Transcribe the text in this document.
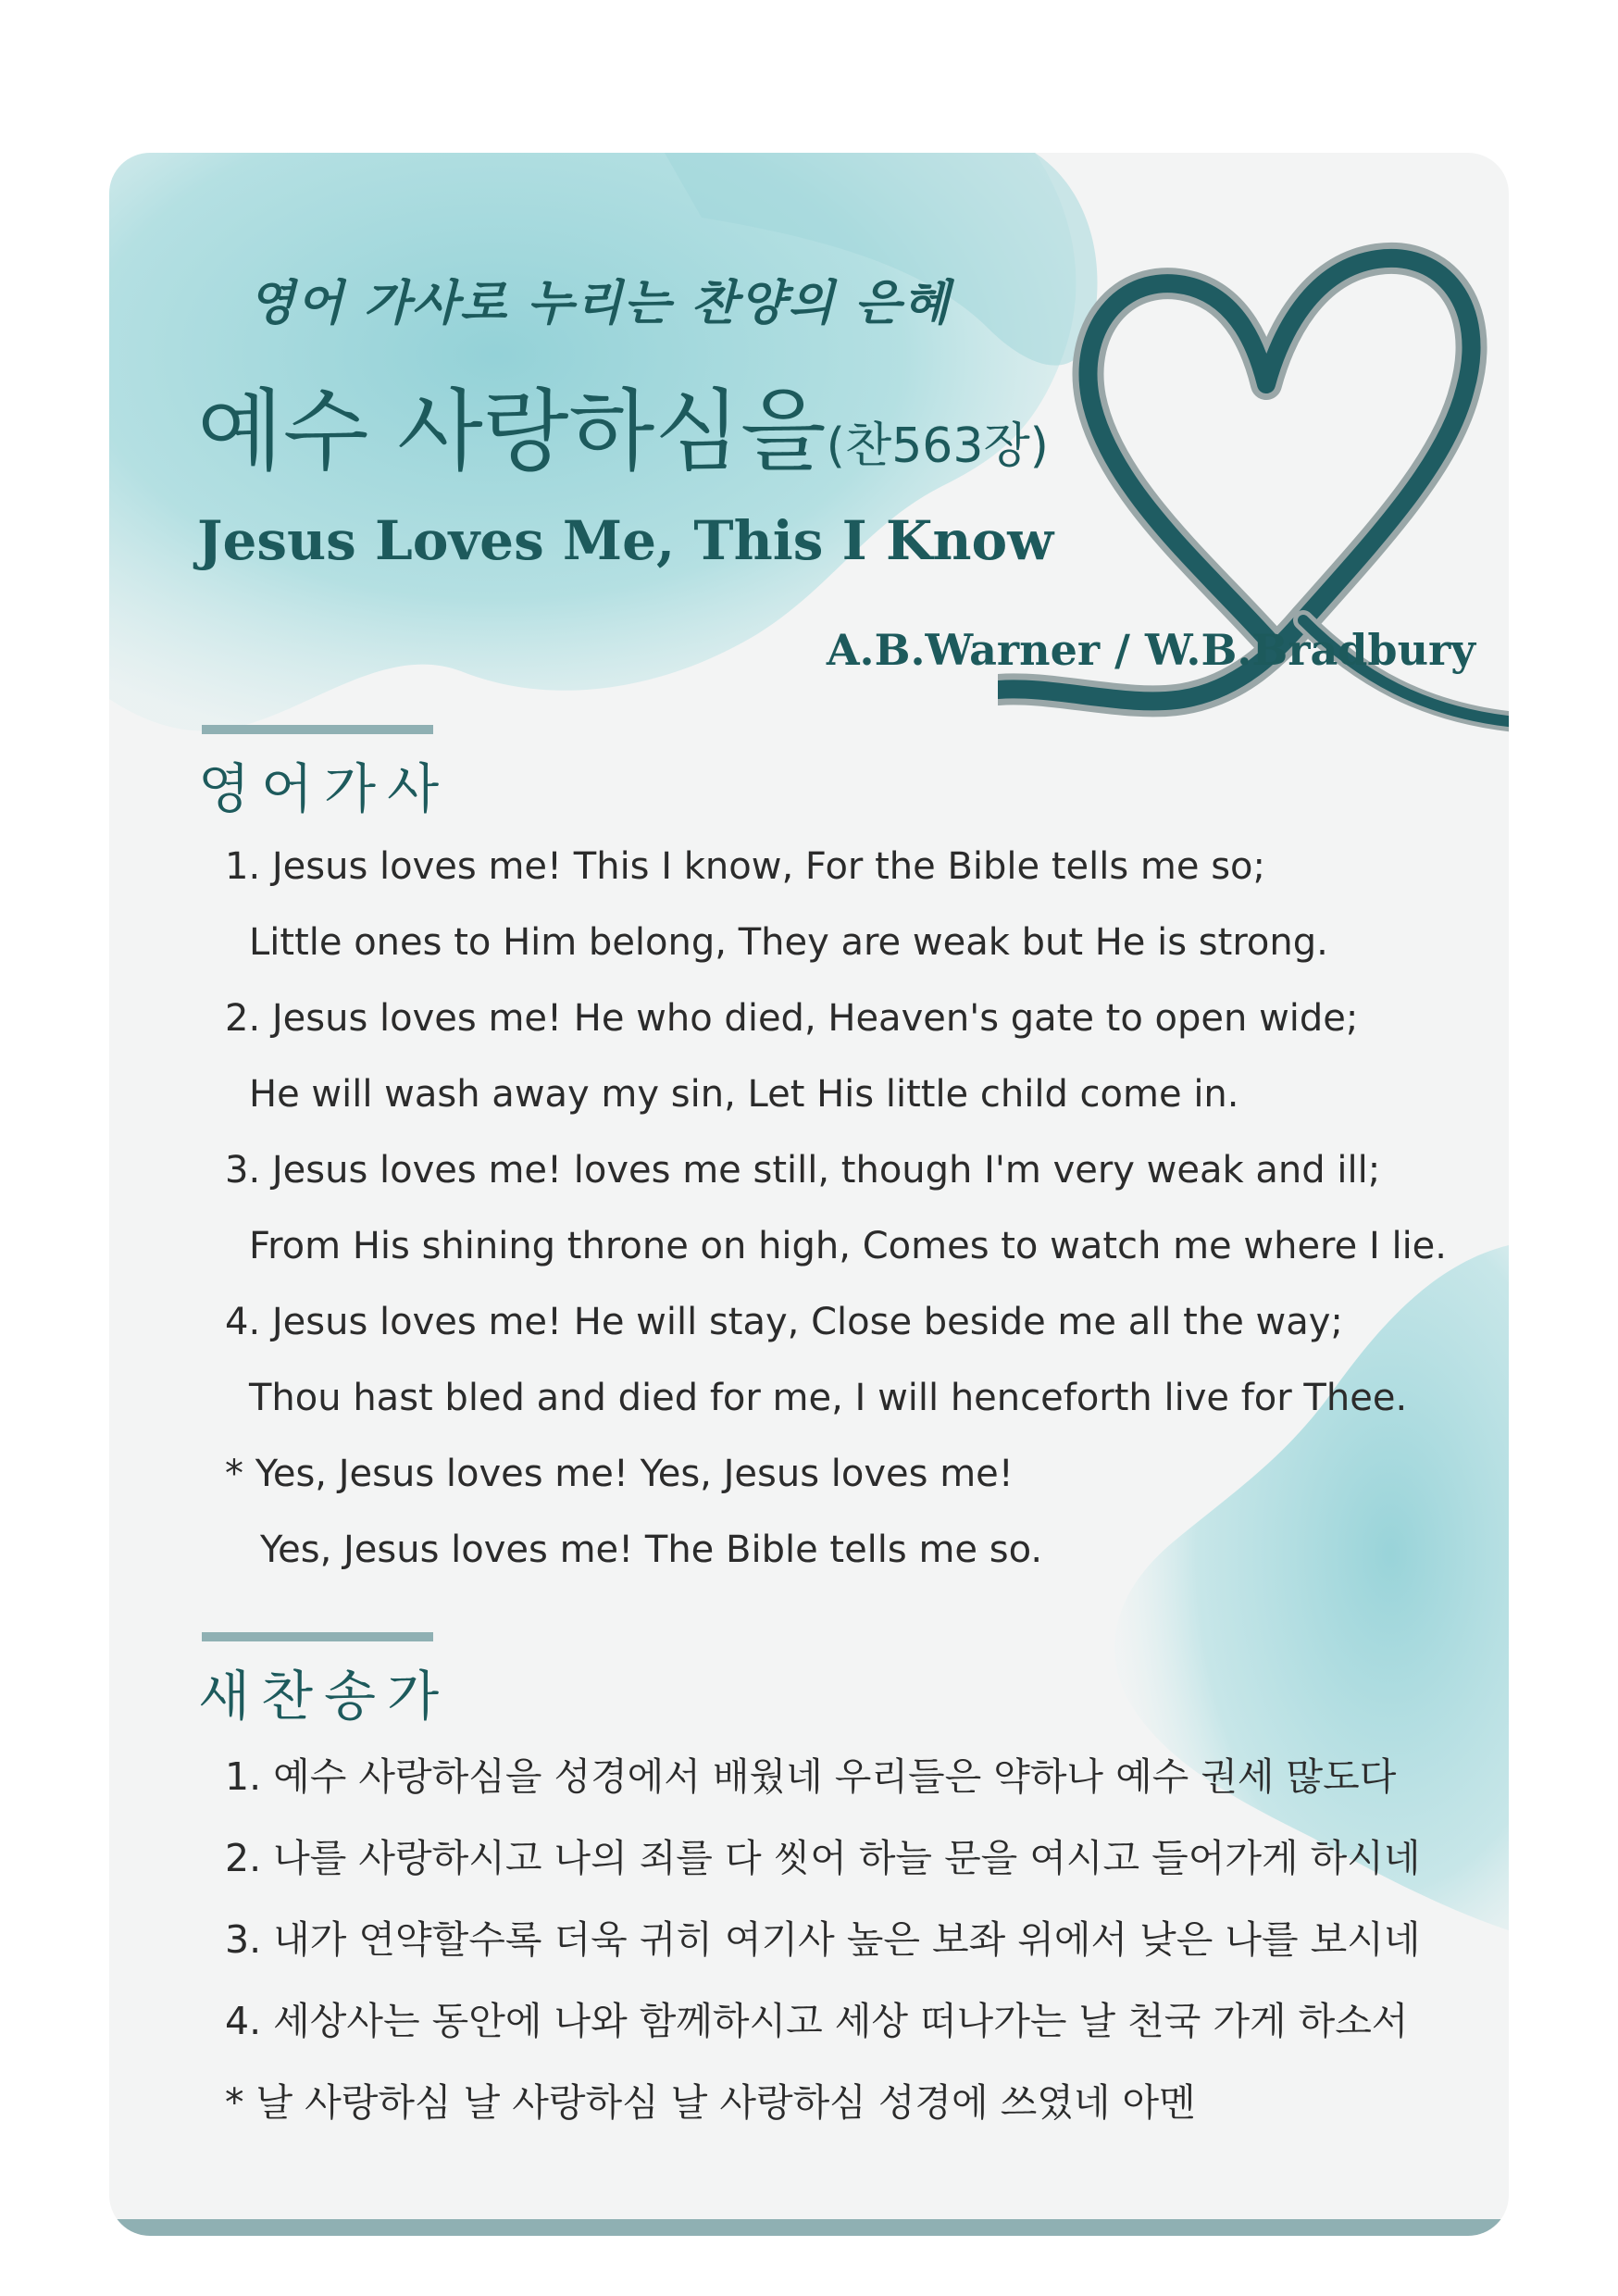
영어 가사로 누리는 찬양의 은혜
예수 사랑하심을(찬563장)
Jesus Loves Me, This I Know
A.B.Warner / W.B.Bradbury
영어가사
1. Jesus loves me! This I know, For the Bible tells me so;
Little ones to Him belong, They are weak but He is strong.
2. Jesus loves me! He who died, Heaven's gate to open wide;
He will wash away my sin, Let His little child come in.
3. Jesus loves me! loves me still, though I'm very weak and ill;
From His shining throne on high, Comes to watch me where I lie.
4. Jesus loves me! He will stay, Close beside me all the way;
Thou hast bled and died for me, I will henceforth live for Thee.
* Yes, Jesus loves me! Yes, Jesus loves me!
Yes, Jesus loves me! The Bible tells me so.
새찬송가
1. 예수 사랑하심을 성경에서 배웠네 우리들은 약하나 예수 권세 많도다
2. 나를 사랑하시고 나의 죄를 다 씻어 하늘 문을 여시고 들어가게 하시네
3. 내가 연약할수록 더욱 귀히 여기사 높은 보좌 위에서 낮은 나를 보시네
4. 세상사는 동안에 나와 함께하시고 세상 떠나가는 날 천국 가게 하소서
* 날 사랑하심 날 사랑하심 날 사랑하심 성경에 쓰였네 아멘
